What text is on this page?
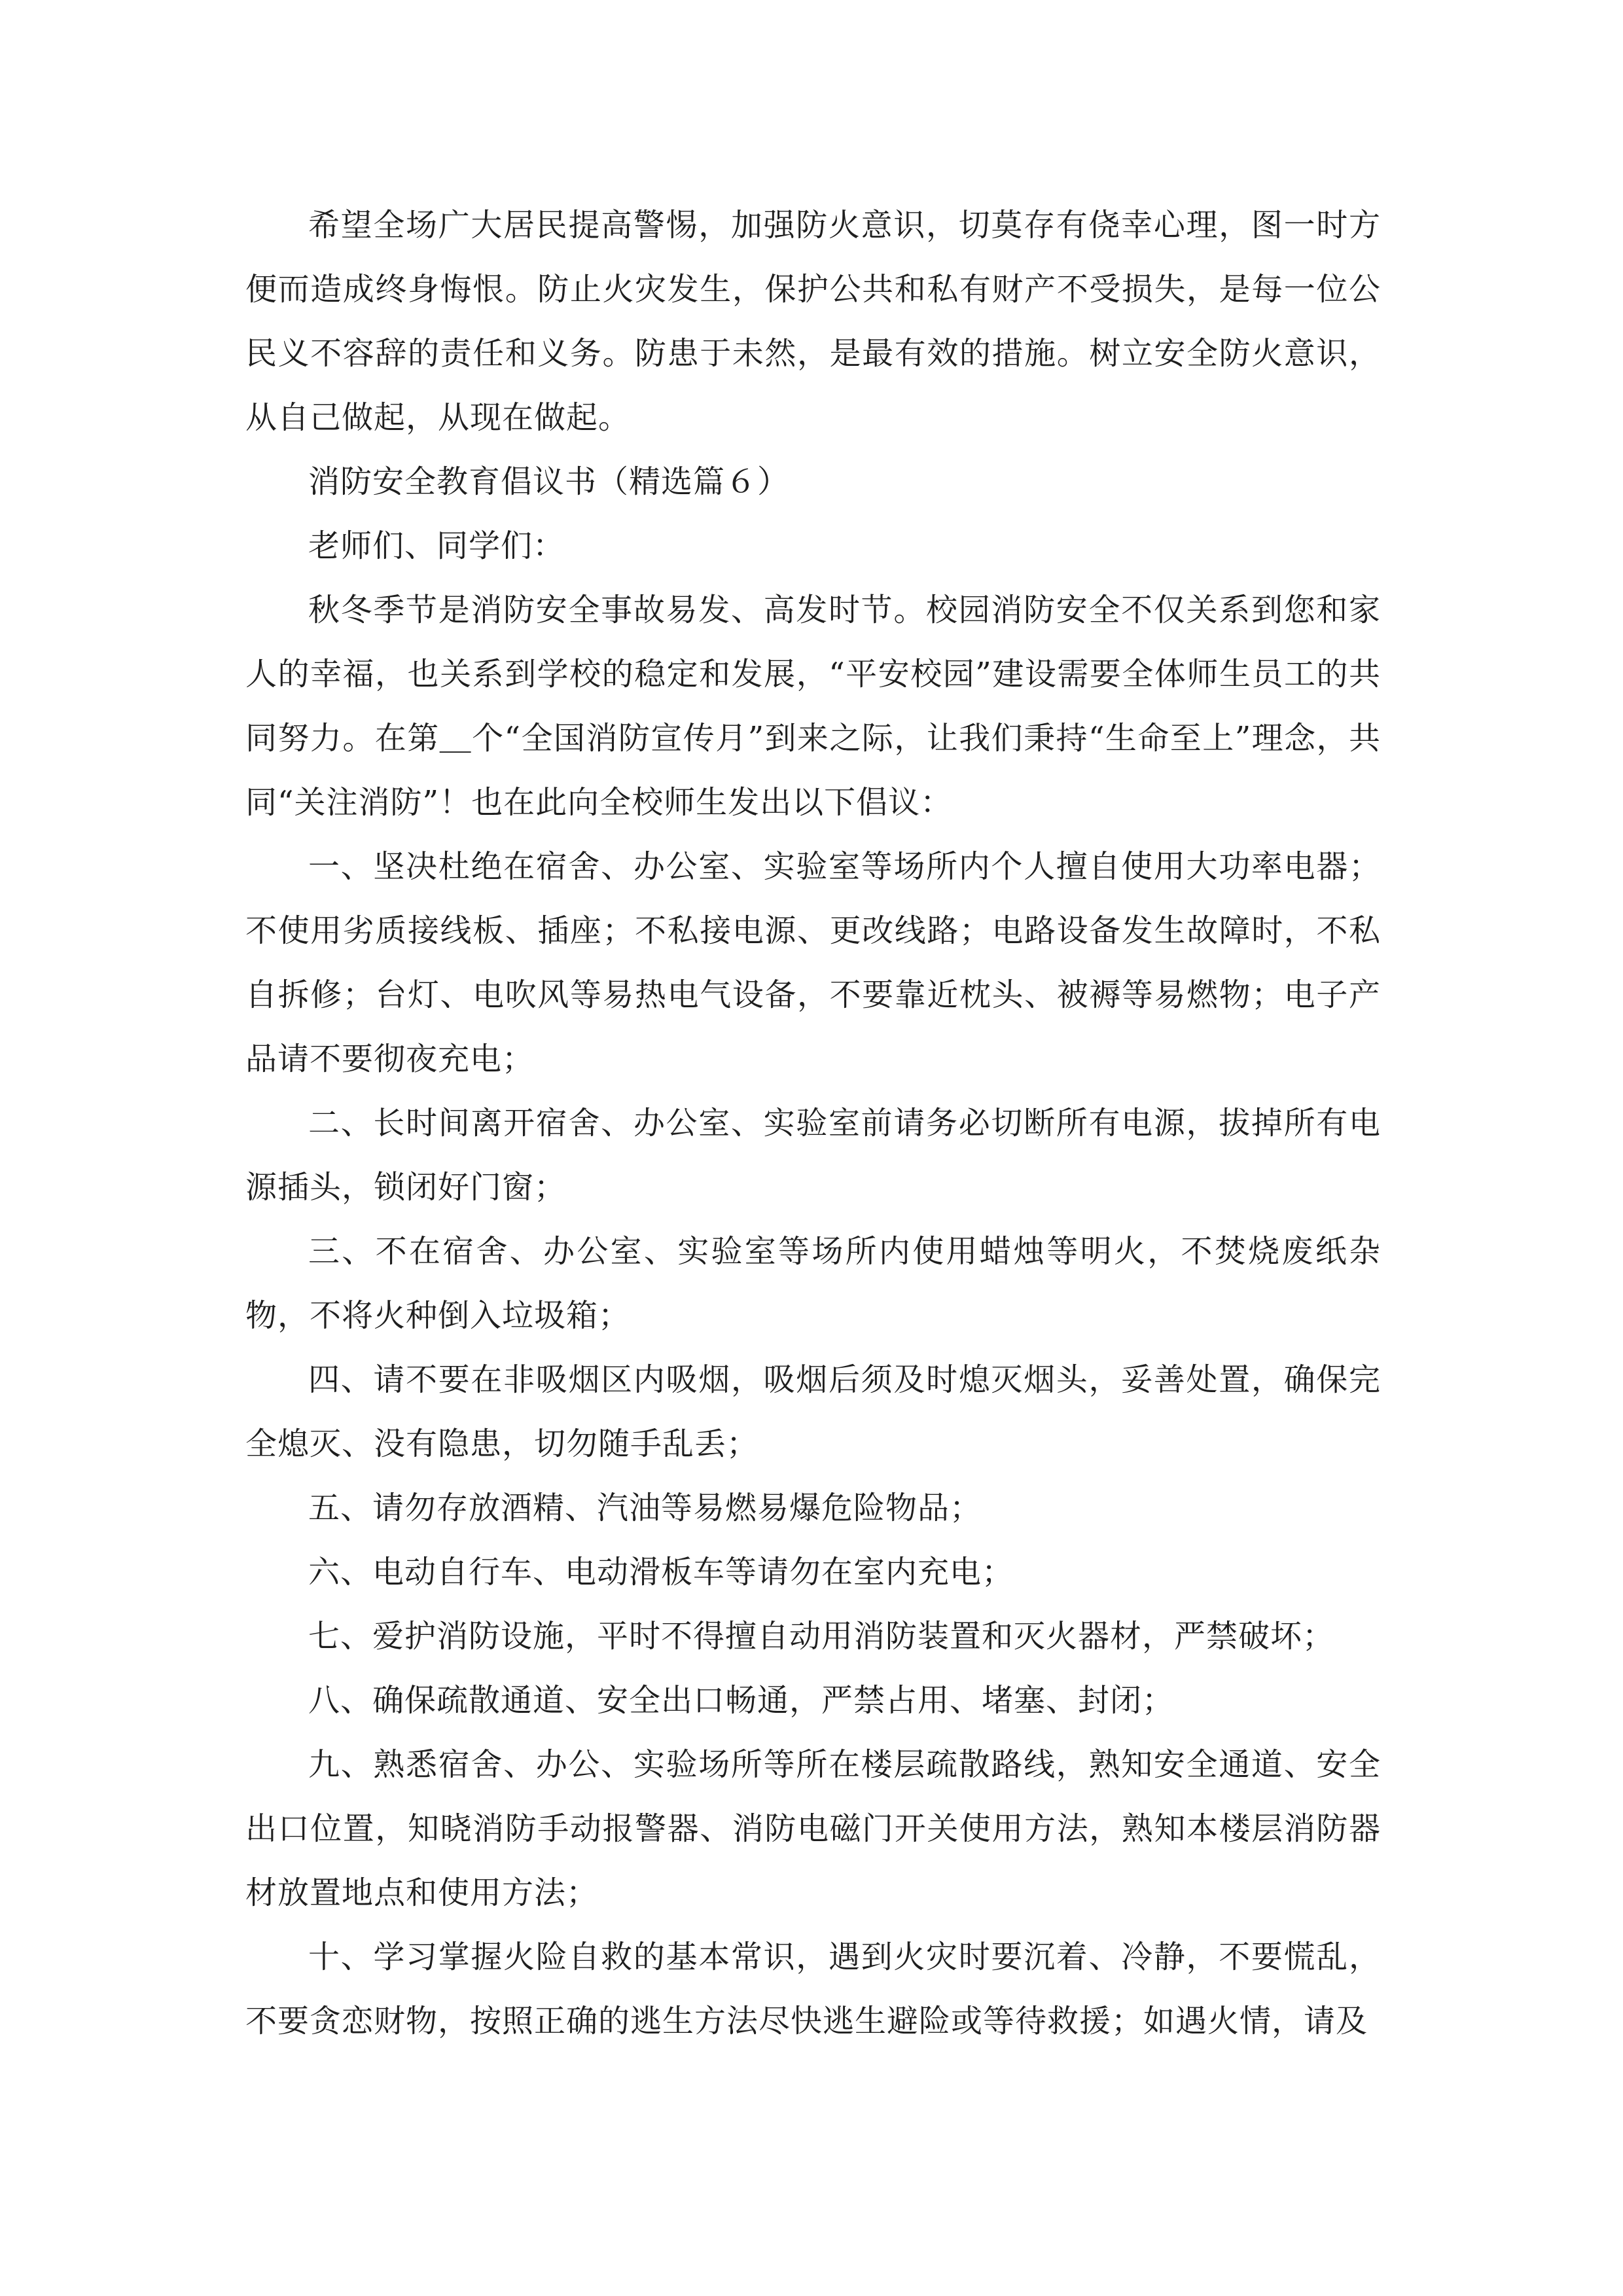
希望全场广大居民提高警惕，加强防火意识，切莫存有侥幸心理，图一时方便而造成终身悔恨。防止火灾发生，保护公共和私有财产不受损失，是每一位公民义不容辞的责任和义务。防患于未然，是最有效的措施。树立安全防火意识，从自己做起，从现在做起。

消防安全教育倡议书（精选篇６）

老师们、同学们：

秋冬季节是消防安全事故易发、高发时节。校园消防安全不仅关系到您和家人的幸福，也关系到学校的稳定和发展，“平安校园”建设需要全体师生员工的共同努力。在第＿个“全国消防宣传月”到来之际，让我们秉持“生命至上”理念，共同“关注消防”！也在此向全校师生发出以下倡议：

一、坚决杜绝在宿舍、办公室、实验室等场所内个人擅自使用大功率电器；不使用劣质接线板、插座；不私接电源、更改线路；电路设备发生故障时，不私自拆修；台灯、电吹风等易热电气设备，不要靠近枕头、被褥等易燃物；电子产品请不要彻夜充电；

二、长时间离开宿舍、办公室、实验室前请务必切断所有电源，拔掉所有电源插头，锁闭好门窗；

三、不在宿舍、办公室、实验室等场所内使用蜡烛等明火，不焚烧废纸杂物，不将火种倒入垃圾箱；

四、请不要在非吸烟区内吸烟，吸烟后须及时熄灭烟头，妥善处置，确保完全熄灭、没有隐患，切勿随手乱丢；

五、请勿存放酒精、汽油等易燃易爆危险物品；

六、电动自行车、电动滑板车等请勿在室内充电；

七、爱护消防设施，平时不得擅自动用消防装置和灭火器材，严禁破坏；

八、确保疏散通道、安全出口畅通，严禁占用、堵塞、封闭；

九、熟悉宿舍、办公、实验场所等所在楼层疏散路线，熟知安全通道、安全出口位置，知晓消防手动报警器、消防电磁门开关使用方法，熟知本楼层消防器材放置地点和使用方法；

十、学习掌握火险自救的基本常识，遇到火灾时要沉着、冷静，不要慌乱，不要贪恋财物，按照正确的逃生方法尽快逃生避险或等待救援；如遇火情，请及
